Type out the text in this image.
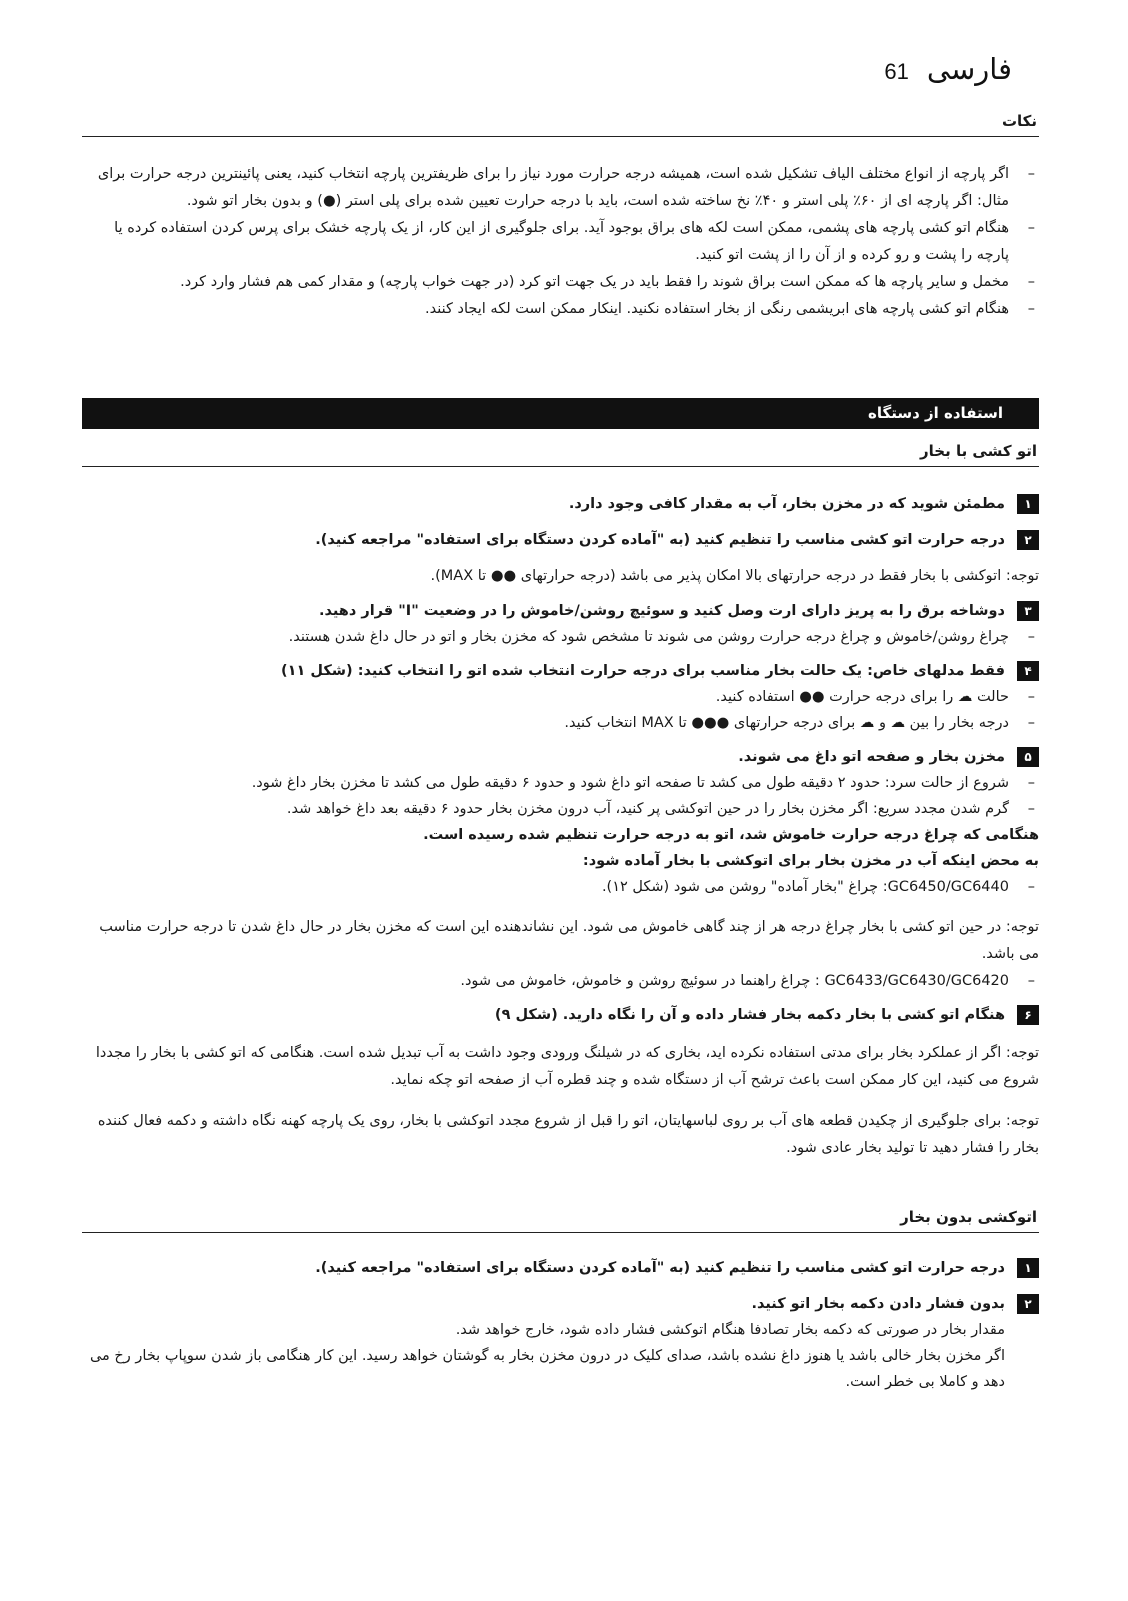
فارسی
61
نکات
– اگر پارچه از انواع مختلف الیاف تشکیل شده است، همیشه درجه حرارت مورد نیاز را برای ظریفترین پارچه انتخاب کنید، یعنی پائینترین درجه حرارت برای مثال: اگر پارچه ای از ۶۰٪ پلی استر و ۴۰٪ نخ ساخته شده است، باید با درجه حرارت تعیین شده برای پلی استر (●) و بدون بخار اتو شود.
– هنگام اتو کشی پارچه های پشمی، ممکن است لکه های براق بوجود آید. برای جلوگیری از این کار، از یک پارچه خشک برای پرس کردن استفاده کرده یا پارچه را پشت و رو کرده و از آن را از پشت اتو کنید.
– مخمل و سایر پارچه ها که ممکن است براق شوند را فقط باید در یک جهت اتو کرد (در جهت خواب پارچه) و مقدار کمی هم فشار وارد کرد.
– هنگام اتو کشی پارچه های ابریشمی رنگی از بخار استفاده نکنید. اینکار ممکن است لکه ایجاد کنند.
استفاده از دستگاه
اتو کشی با بخار
۱
مطمئن شوید که در مخزن بخار، آب به مقدار کافی وجود دارد.
۲
درجه حرارت اتو کشی مناسب را تنظیم کنید (به "آماده کردن دستگاه برای استفاده" مراجعه کنید).

توجه: اتوکشی با بخار فقط در درجه حرارتهای بالا امکان پذیر می باشد (درجه حرارتهای ●● تا MAX).

۳
دوشاخه برق را به پریز دارای ارت وصل کنید و سوئیچ روشن/خاموش را در وضعیت "I" قرار دهید.
– چراغ روشن/خاموش و چراغ درجه حرارت روشن می شوند تا مشخص شود که مخزن بخار و اتو در حال داغ شدن هستند.
۴
فقط مدلهای خاص: یک حالت بخار مناسب برای درجه حرارت انتخاب شده اتو را انتخاب کنید: (شکل ۱۱)
– حالت ☁ را برای درجه حرارت ●● استفاده کنید.
– درجه بخار را بین ☁ و ☁ برای درجه حرارتهای ●●● تا MAX انتخاب کنید.
۵
مخزن بخار و صفحه اتو داغ می شوند.
– شروع از حالت سرد: حدود ۲ دقیقه طول می کشد تا صفحه اتو داغ شود و حدود ۶ دقیقه طول می کشد تا مخزن بخار داغ شود.
– گرم شدن مجدد سریع: اگر مخزن بخار را در حین اتوکشی پر کنید، آب درون مخزن بخار حدود ۶ دقیقه بعد داغ خواهد شد.

هنگامی که چراغ درجه حرارت خاموش شد، اتو به درجه حرارت تنظیم شده رسیده است.

به محض اینکه آب در مخزن بخار برای اتوکشی با بخار آماده شود:

– GC6450/GC6440: چراغ "بخار آماده" روشن می شود (شکل ۱۲).

توجه: در حین اتو کشی با بخار چراغ درجه هر از چند گاهی خاموش می شود. این نشاندهنده این است که مخزن بخار در حال داغ شدن تا درجه حرارت مناسب می باشد.

– GC6433/GC6430/GC6420 : چراغ راهنما در سوئیچ روشن و خاموش، خاموش می شود.
۶
هنگام اتو کشی با بخار دکمه بخار فشار داده و آن را نگاه دارید. (شکل ۹)

توجه: اگر از عملکرد بخار برای مدتی استفاده نکرده اید، بخاری که در شیلنگ ورودی وجود داشت به آب تبدیل شده است. هنگامی که اتو کشی با بخار را مجددا شروع می کنید، این کار ممکن است باعث ترشح آب از دستگاه شده و چند قطره آب از صفحه اتو چکه نماید.

توجه: برای جلوگیری از چکیدن قطعه های آب بر روی لباسهایتان، اتو را قبل از شروع مجدد اتوکشی با بخار، روی یک پارچه کهنه نگاه داشته و دکمه فعال کننده بخار را فشار دهید تا تولید بخار عادی شود.

اتوکشی بدون بخار
۱
درجه حرارت اتو کشی مناسب را تنظیم کنید (به "آماده کردن دستگاه برای استفاده" مراجعه کنید).
۲
بدون فشار دادن دکمه بخار اتو کنید.

مقدار بخار در صورتی که دکمه بخار تصادفا هنگام اتوکشی فشار داده شود، خارج خواهد شد.

اگر مخزن بخار خالی باشد یا هنوز داغ نشده باشد، صدای کلیک در درون مخزن بخار به گوشتان خواهد رسید. این کار هنگامی باز شدن سوپاپ بخار رخ می دهد و کاملا بی خطر است.
